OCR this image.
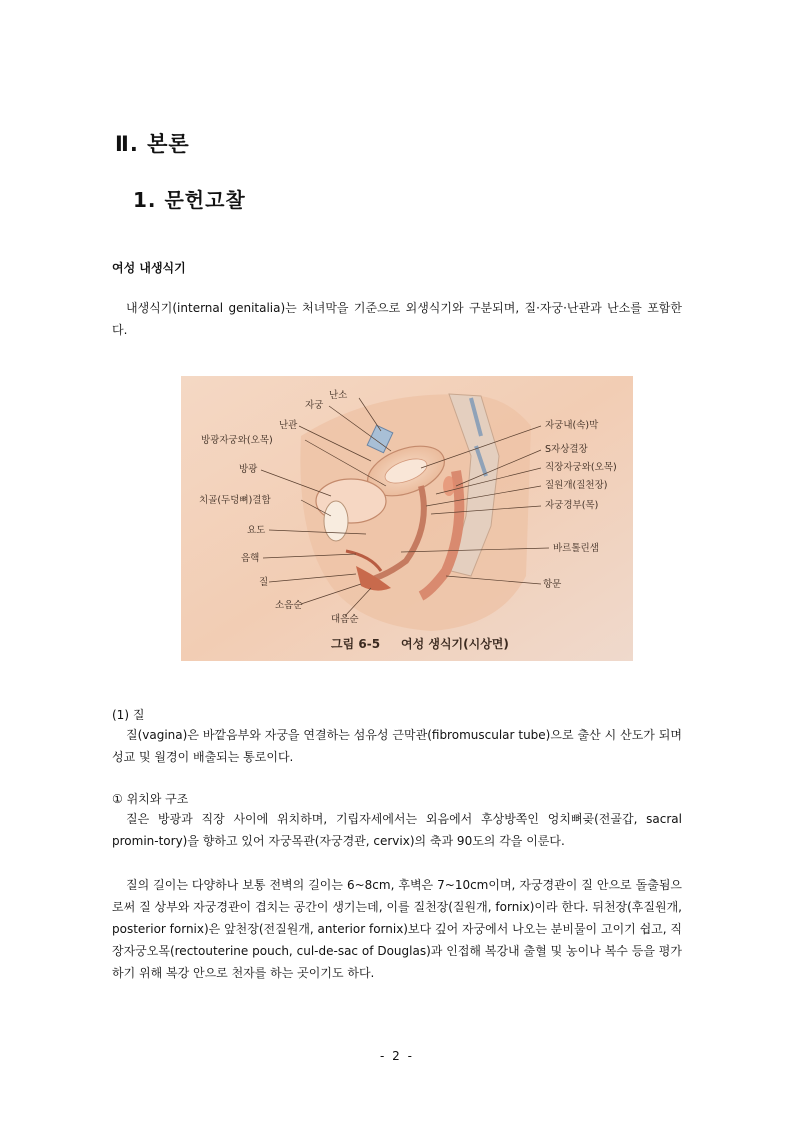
Ⅱ. 본론
1. 문헌고찰
여성 내생식기

내생식기(internal genitalia)는 처녀막을 기준으로 외생식기와 구분되며, 질·자궁·난관과 난소를 포함한다.

난소
자궁
난관
방광자궁와(오목)
방광
치골(두덩뼈)결합
요도
음핵
질
소음순
대음순
자궁내(속)막
S자상결장
직장자궁와(오목)
질원개(질천장)
자궁경부(목)
바르톨린샘
항문
그림 6-5 여성 생식기(시상면)
(1) 질

질(vagina)은 바깥음부와 자궁을 연결하는 섬유성 근막관(fibromuscular tube)으로 출산 시 산도가 되며 성교 및 월경이 배출되는 통로이다.

① 위치와 구조

질은 방광과 직장 사이에 위치하며, 기립자세에서는 외음에서 후상방쪽인 엉치뼈곶(전골갑, sacral promin-tory)을 향하고 있어 자궁목관(자궁경관, cervix)의 축과 90도의 각을 이룬다.

질의 길이는 다양하나 보통 전벽의 길이는 6~8cm, 후벽은 7~10cm이며, 자궁경관이 질 안으로 돌출됨으로써 질 상부와 자궁경관이 겹치는 공간이 생기는데, 이를 질천장(질원개, fornix)이라 한다. 뒤천장(후질원개, posterior fornix)은 앞천장(전질원개, anterior fornix)보다 깊어 자궁에서 나오는 분비물이 고이기 쉽고, 직장자궁오목(rectouterine pouch, cul-de-sac of Douglas)과 인접해 복강내 출혈 및 농이나 복수 등을 평가하기 위해 복강 안으로 천자를 하는 곳이기도 하다.

- 2 -
